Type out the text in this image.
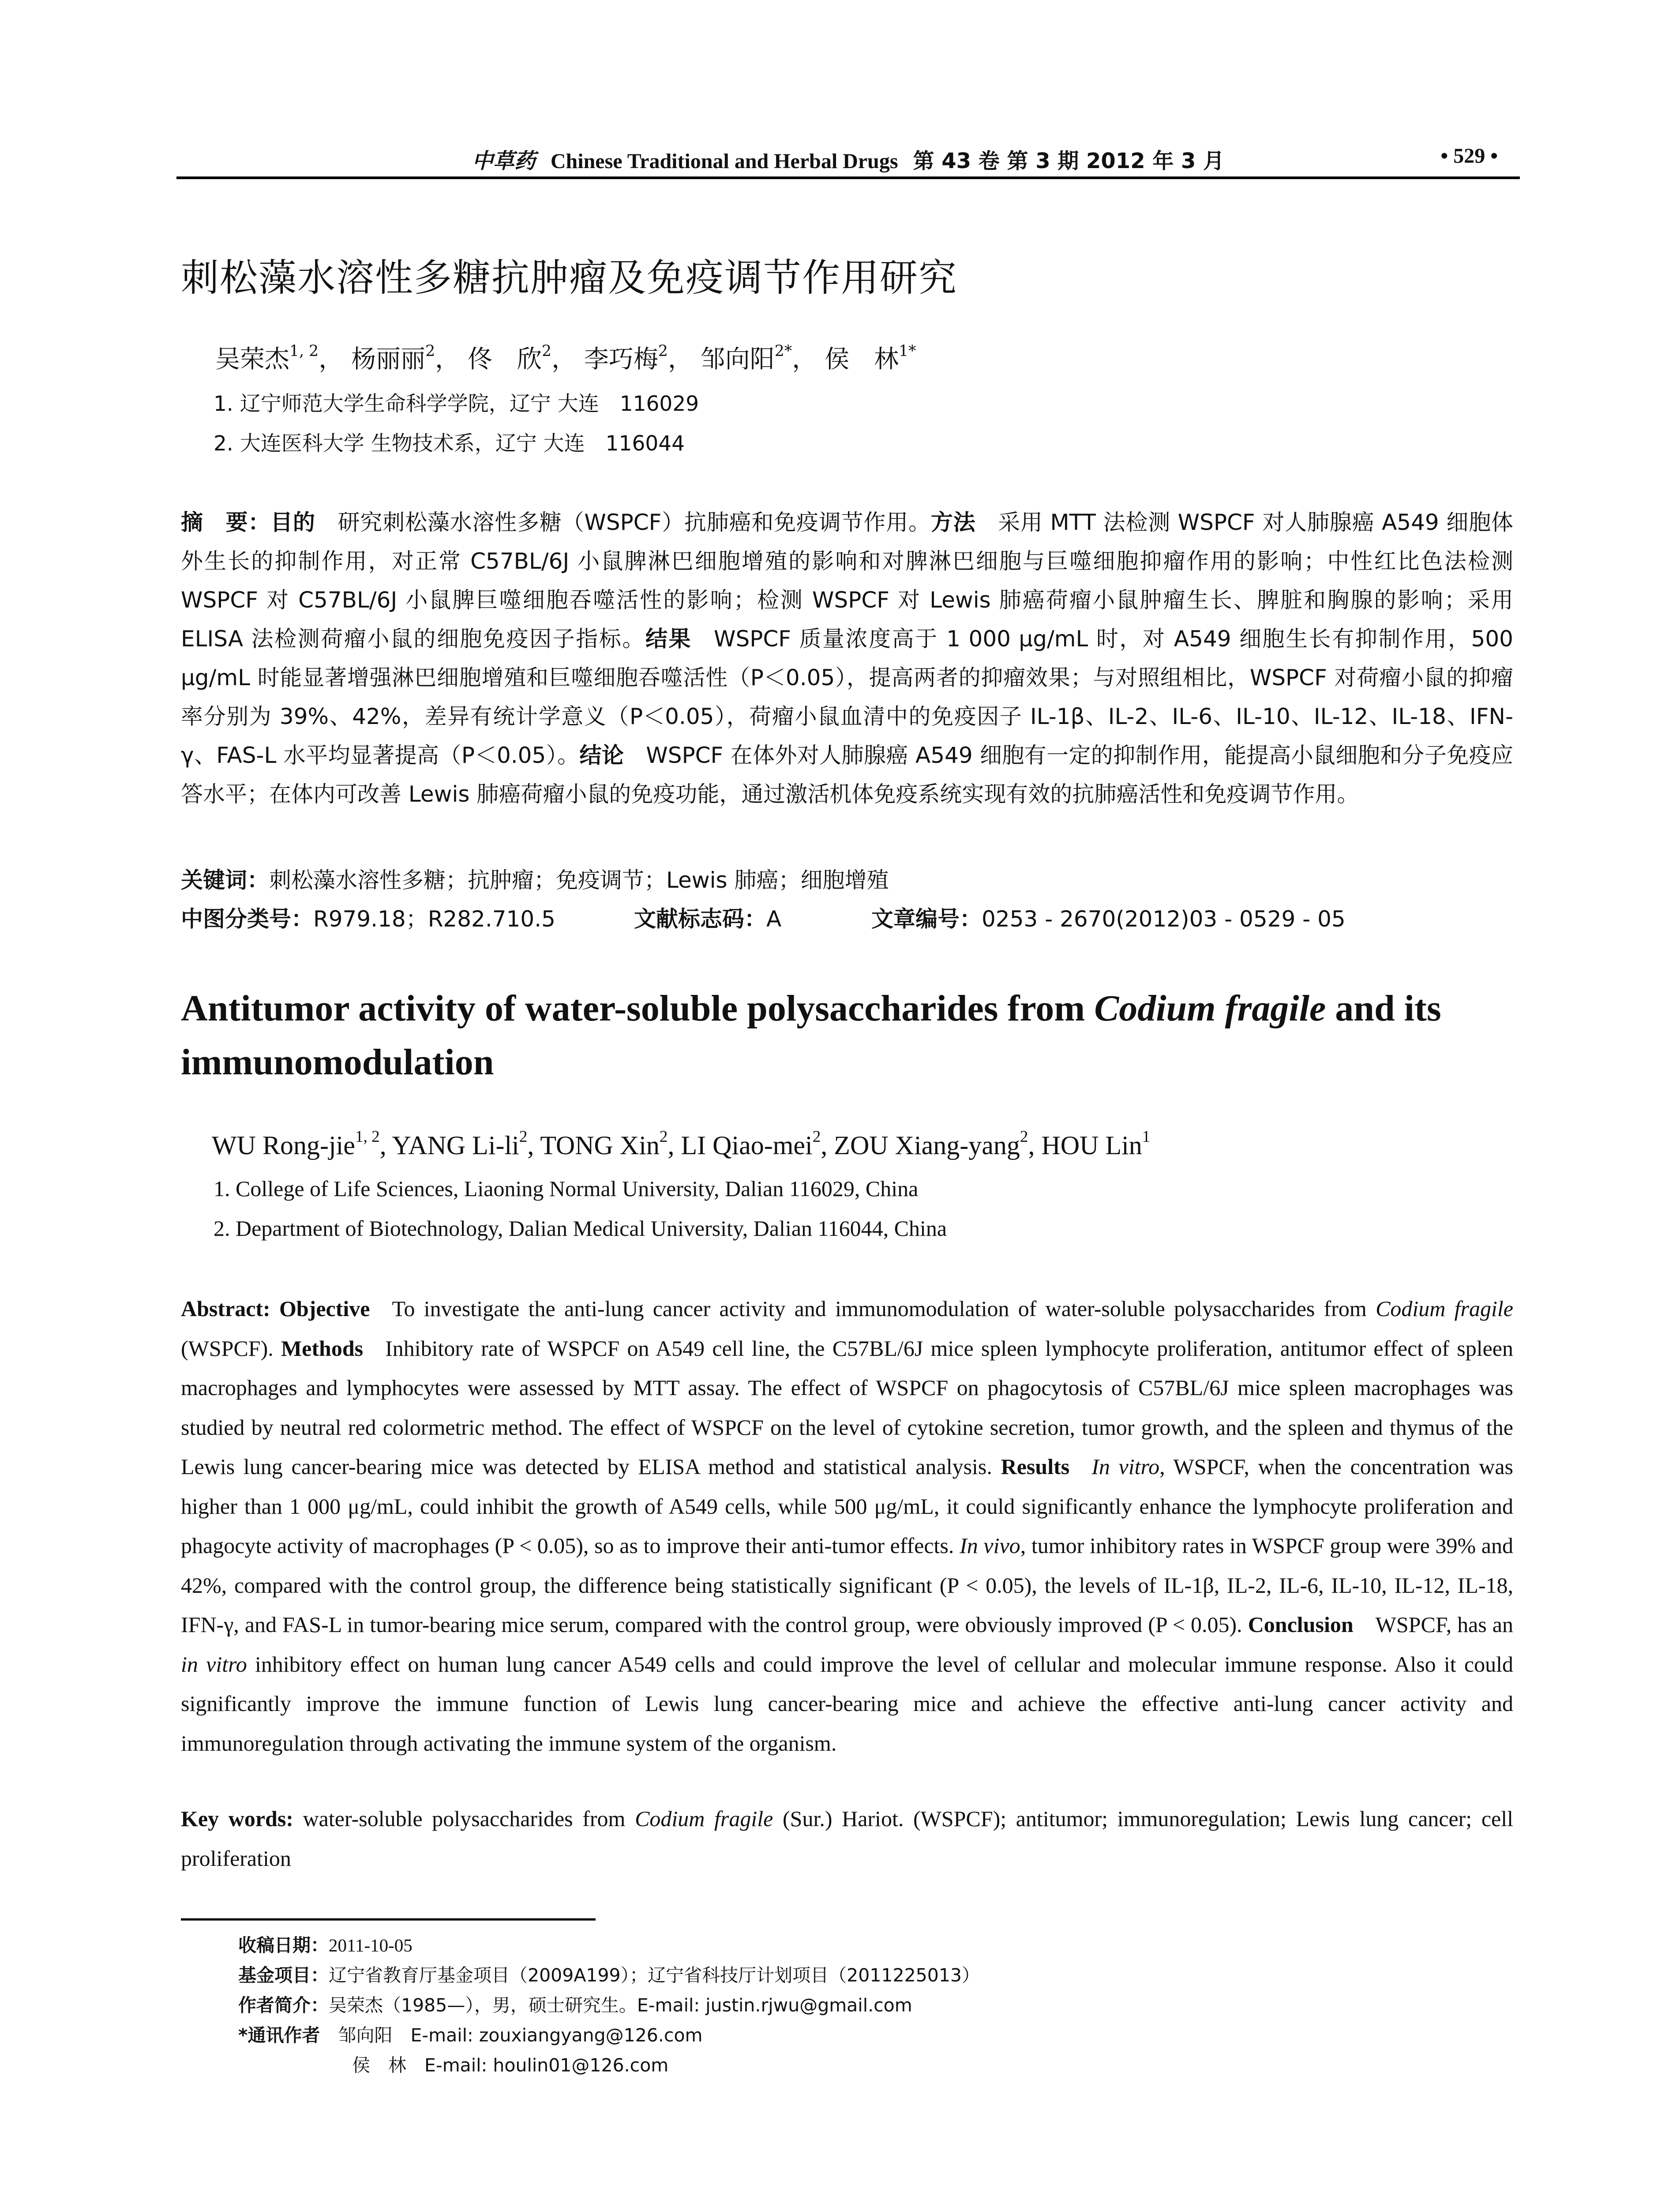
中草药 Chinese Traditional and Herbal Drugs 第 43 卷 第 3 期 2012 年 3 月	• 529 •
刺松藻水溶性多糖抗肿瘤及免疫调节作用研究
吴荣杰$^{1, 2}$， 杨丽丽$^2$， 佟　欣$^2$， 李巧梅$^2$， 邹向阳$^{2*}$， 侯　林$^{1*}$
1. 辽宁师范大学生命科学学院，辽宁 大连　116029
2. 大连医科大学 生物技术系，辽宁 大连　116044
摘　要：目的   研究刺松藻水溶性多糖（WSPCF）抗肺癌和免疫调节作用。方法   采用 MTT 法检测 WSPCF 对人肺腺癌 A549 细胞体外生长的抑制作用，对正常 C57BL/6J 小鼠脾淋巴细胞增殖的影响和对脾淋巴细胞与巨噬细胞抑瘤作用的影响；中性红比色法检测 WSPCF 对 C57BL/6J 小鼠脾巨噬细胞吞噬活性的影响；检测 WSPCF 对 Lewis 肺癌荷瘤小鼠肿瘤生长、脾脏和胸腺的影响；采用 ELISA 法检测荷瘤小鼠的细胞免疫因子指标。结果   WSPCF 质量浓度高于 1 000 μg/mL 时，对 A549 细胞生长有抑制作用，500 μg/mL 时能显著增强淋巴细胞增殖和巨噬细胞吞噬活性（P＜0.05），提高两者的抑瘤效果；与对照组相比，WSPCF 对荷瘤小鼠的抑瘤率分别为 39%、42%，差异有统计学意义（P＜0.05），荷瘤小鼠血清中的免疫因子 IL-1β、IL-2、IL-6、IL-10、IL-12、IL-18、IFN-γ、FAS-L 水平均显著提高（P＜0.05）。结论   WSPCF 在体外对人肺腺癌 A549 细胞有一定的抑制作用，能提高小鼠细胞和分子免疫应答水平；在体内可改善 Lewis 肺癌荷瘤小鼠的免疫功能，通过激活机体免疫系统实现有效的抗肺癌活性和免疫调节作用。
关键词：刺松藻水溶性多糖；抗肿瘤；免疫调节；Lewis 肺癌；细胞增殖
中图分类号：R979.18；R282.710.5	文献标志码：A	文章编号：0253 - 2670(2012)03 - 0529 - 05
Antitumor activity of water-soluble polysaccharides from Codium fragile and its immunomodulation
WU Rong-jie$^{1, 2}$, YANG $Li-li^2$, TONG Xin$^2$, LI Qiao-mei$^2$, ZOU Xiang-yang$^2$, HOU Lin$^1$
1. College of Life Sciences, Liaoning Normal University, Dalian 116029, China
2. Department of Biotechnology, Dalian Medical University, Dalian 116044, China
Abstract: Objective   To investigate the anti-lung cancer activity and immunomodulation of water-soluble polysaccharides from Codium fragile (WSPCF). Methods   Inhibitory rate of WSPCF on A549 cell line, the C57BL/6J mice spleen lymphocyte proliferation, antitumor effect of spleen macrophages and lymphocytes were assessed by MTT assay. The effect of WSPCF on phagocytosis of C57BL/6J mice spleen macrophages was studied by neutral red colormetric method. The effect of WSPCF on the level of cytokine secretion, tumor growth, and the spleen and thymus of the Lewis lung cancer-bearing mice was detected by ELISA method and statistical analysis. Results   In vitro, WSPCF, when the concentration was higher than 1 000 μg/mL, could inhibit the growth of A549 cells, while 500 μg/mL, it could significantly enhance the lymphocyte proliferation and phagocyte activity of macrophages (P < 0.05), so as to improve their anti-tumor effects. In vivo, tumor inhibitory rates in WSPCF group were 39% and 42%, compared with the control group, the difference being statistically significant (P < 0.05), the levels of IL-1β, IL-2, IL-6, IL-10, IL-12, IL-18, IFN-γ, and FAS-L in tumor-bearing mice serum, compared with the control group, were obviously improved (P < 0.05). Conclusion   WSPCF, has an in vitro inhibitory effect on human lung cancer A549 cells and could improve the level of cellular and molecular immune response. Also it could significantly improve the immune function of Lewis lung cancer-bearing mice and achieve the effective anti-lung cancer activity and immunoregulation through activating the immune system of the organism.
Key words: water-soluble polysaccharides from Codium fragile (Sur.) Hariot. (WSPCF); antitumor; immunoregulation; Lewis lung cancer; cell proliferation
收稿日期：2011-10-05
基金项目：辽宁省教育厅基金项目（2009A199）；辽宁省科技厅计划项目（2011225013）
作者简介：吴荣杰（1985—），男，硕士研究生。E-mail: justin.rjwu@gmail.com
*通讯作者   邹向阳　E-mail: zouxiangyang@126.com
侯　林　E-mail: houlin01@126.com
